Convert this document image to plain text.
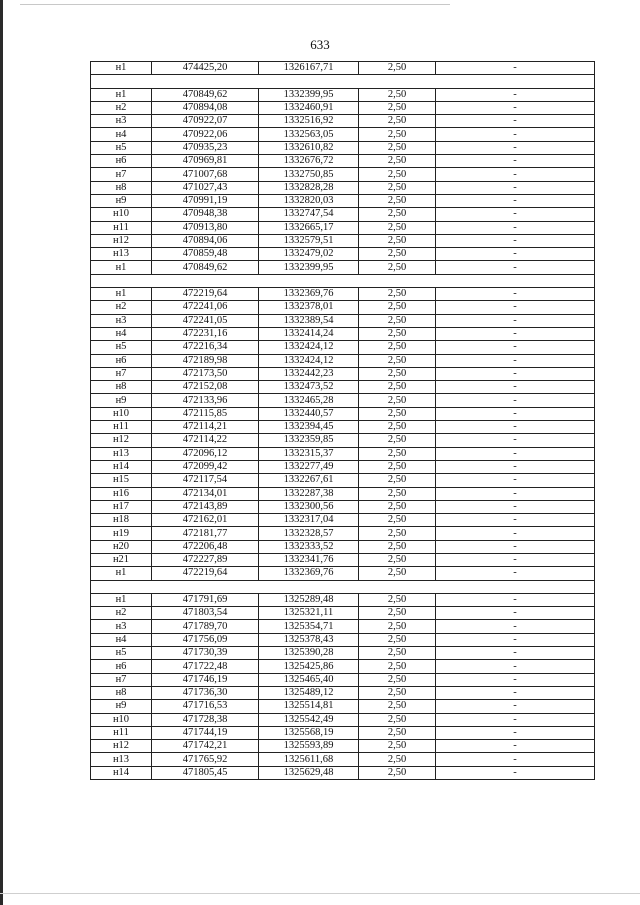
633
н1	474425,20	1326167,71	2,50	-

н1	470849,62	1332399,95	2,50	-
н2	470894,08	1332460,91	2,50	-
н3	470922,07	1332516,92	2,50	-
н4	470922,06	1332563,05	2,50	-
н5	470935,23	1332610,82	2,50	-
н6	470969,81	1332676,72	2,50	-
н7	471007,68	1332750,85	2,50	-
н8	471027,43	1332828,28	2,50	-
н9	470991,19	1332820,03	2,50	-
н10	470948,38	1332747,54	2,50	-
н11	470913,80	1332665,17	2,50	-
н12	470894,06	1332579,51	2,50	-
н13	470859,48	1332479,02	2,50	-
н1	470849,62	1332399,95	2,50	-

н1	472219,64	1332369,76	2,50	-
н2	472241,06	1332378,01	2,50	-
н3	472241,05	1332389,54	2,50	-
н4	472231,16	1332414,24	2,50	-
н5	472216,34	1332424,12	2,50	-
н6	472189,98	1332424,12	2,50	-
н7	472173,50	1332442,23	2,50	-
н8	472152,08	1332473,52	2,50	-
н9	472133,96	1332465,28	2,50	-
н10	472115,85	1332440,57	2,50	-
н11	472114,21	1332394,45	2,50	-
н12	472114,22	1332359,85	2,50	-
н13	472096,12	1332315,37	2,50	-
н14	472099,42	1332277,49	2,50	-
н15	472117,54	1332267,61	2,50	-
н16	472134,01	1332287,38	2,50	-
н17	472143,89	1332300,56	2,50	-
н18	472162,01	1332317,04	2,50	-
н19	472181,77	1332328,57	2,50	-
н20	472206,48	1332333,52	2,50	-
н21	472227,89	1332341,76	2,50	-
н1	472219,64	1332369,76	2,50	-

н1	471791,69	1325289,48	2,50	-
н2	471803,54	1325321,11	2,50	-
н3	471789,70	1325354,71	2,50	-
н4	471756,09	1325378,43	2,50	-
н5	471730,39	1325390,28	2,50	-
н6	471722,48	1325425,86	2,50	-
н7	471746,19	1325465,40	2,50	-
н8	471736,30	1325489,12	2,50	-
н9	471716,53	1325514,81	2,50	-
н10	471728,38	1325542,49	2,50	-
н11	471744,19	1325568,19	2,50	-
н12	471742,21	1325593,89	2,50	-
н13	471765,92	1325611,68	2,50	-
н14	471805,45	1325629,48	2,50	-
